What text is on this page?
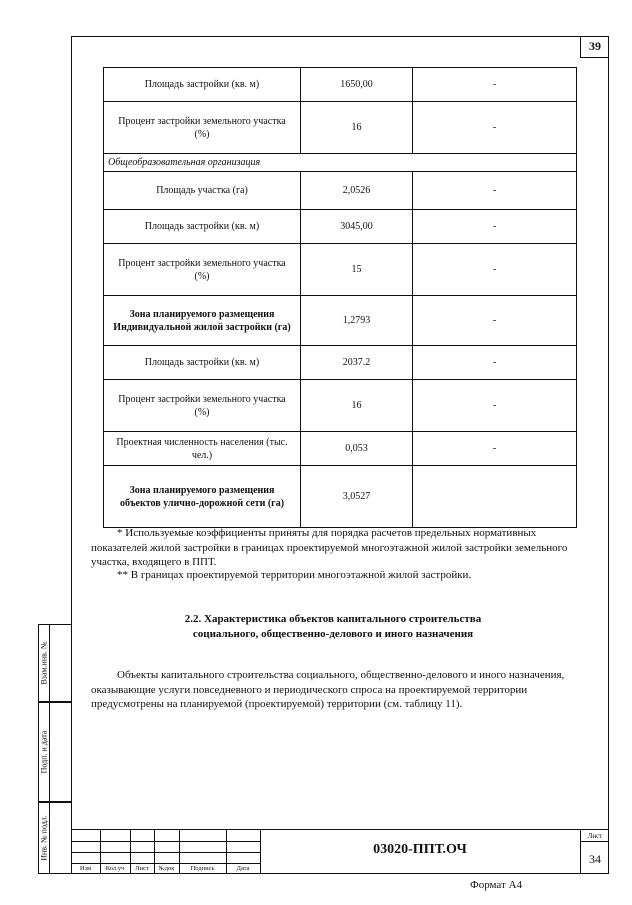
39
Площадь застройки (кв. м)	1650,00	-
Процент застройки земельного участка (%)	16	-
Общеобразовательная организация		
Площадь участка (га)	2,0526	-
Площадь застройки (кв. м)	3045,00	-
Процент застройки земельного участка (%)	15	-
Зона планируемого размещения Индивидуальной жилой застройки (га)	1,2793	-
Площадь застройки (кв. м)	2037.2	-
Процент застройки земельного участка (%)	16	-
Проектная численность населения (тыс. чел.)	0,053	-
Зона планируемого размещения объектов улично-дорожной сети (га)	3,0527	
* Используемые коэффициенты приняты для порядка расчетов предельных нормативных показателей жилой застройки в границах проектируемой многоэтажной жилой застройки земельного участка, входящего в ППТ.
** В границах проектируемой территории многоэтажной жилой застройки.
2.2. Характеристика объектов капитального строительства
социального, общественно-делового и иного назначения
Объекты капитального строительства социального, общественно-делового и иного назначения, оказывающие услуги повседневного и периодического спроса на проектируемой территории предусмотрены на планируемой (проектируемой) территории (см. таблицу 11).
Взам.инв. №
Подп. и дата
Инв. № подл.
Изм	Кол.уч	Лист	№док	Подпись	Дата
03020-ППТ.ОЧ
Лист
34
Формат А4
